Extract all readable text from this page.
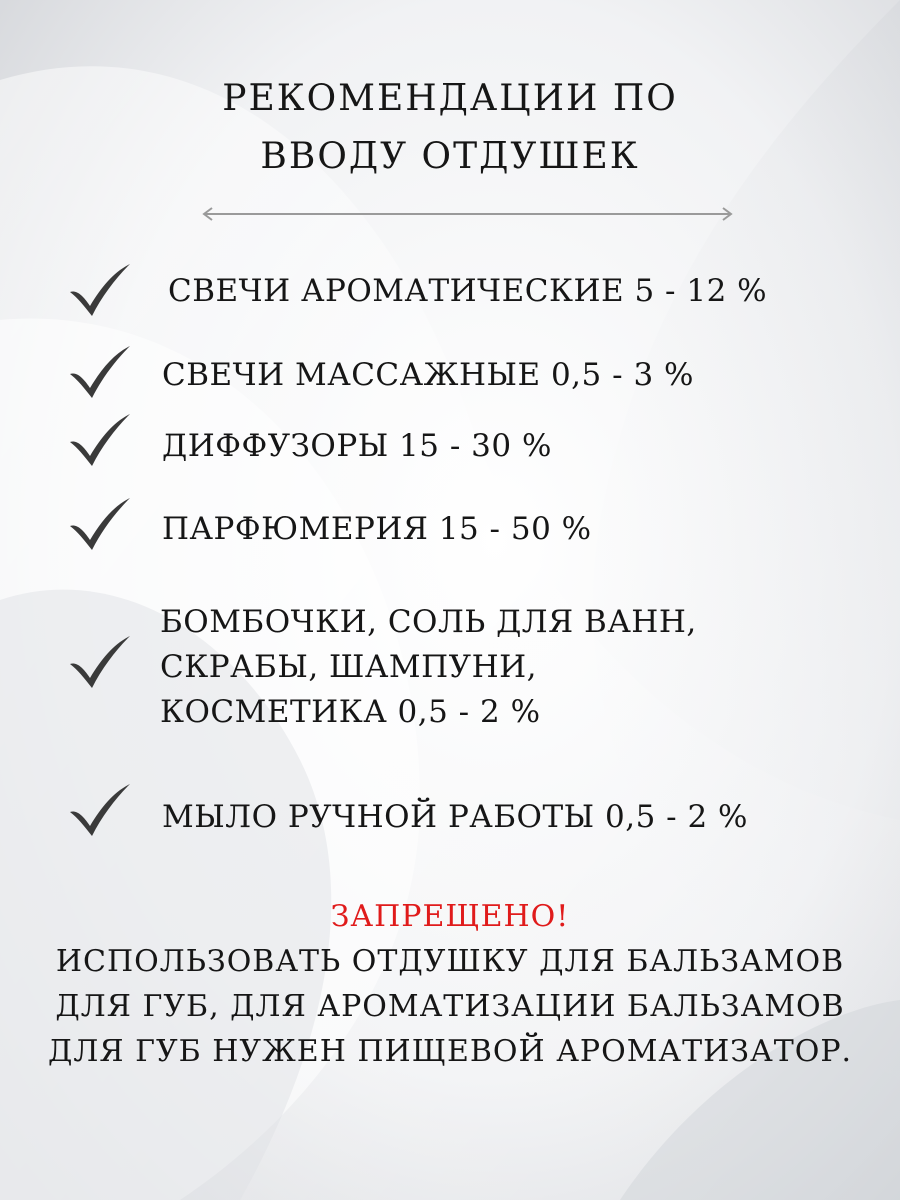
РЕКОМЕНДАЦИИ ПО
ВВОДУ ОТДУШЕК
СВЕЧИ АРОМАТИЧЕСКИЕ 5 - 12 %
СВЕЧИ МАССАЖНЫЕ 0,5 - 3 %
ДИФФУЗОРЫ 15 - 30 %
ПАРФЮМЕРИЯ 15 - 50 %
БОМБОЧКИ, СОЛЬ ДЛЯ ВАНН,
СКРАБЫ, ШАМПУНИ,
КОСМЕТИКА 0,5 - 2 %
МЫЛО РУЧНОЙ РАБОТЫ 0,5 - 2 %
ЗАПРЕЩЕНО!
ИСПОЛЬЗОВАТЬ ОТДУШКУ ДЛЯ БАЛЬЗАМОВ
ДЛЯ ГУБ, ДЛЯ АРОМАТИЗАЦИИ БАЛЬЗАМОВ
ДЛЯ ГУБ НУЖЕН ПИЩЕВОЙ АРОМАТИЗАТОР.
